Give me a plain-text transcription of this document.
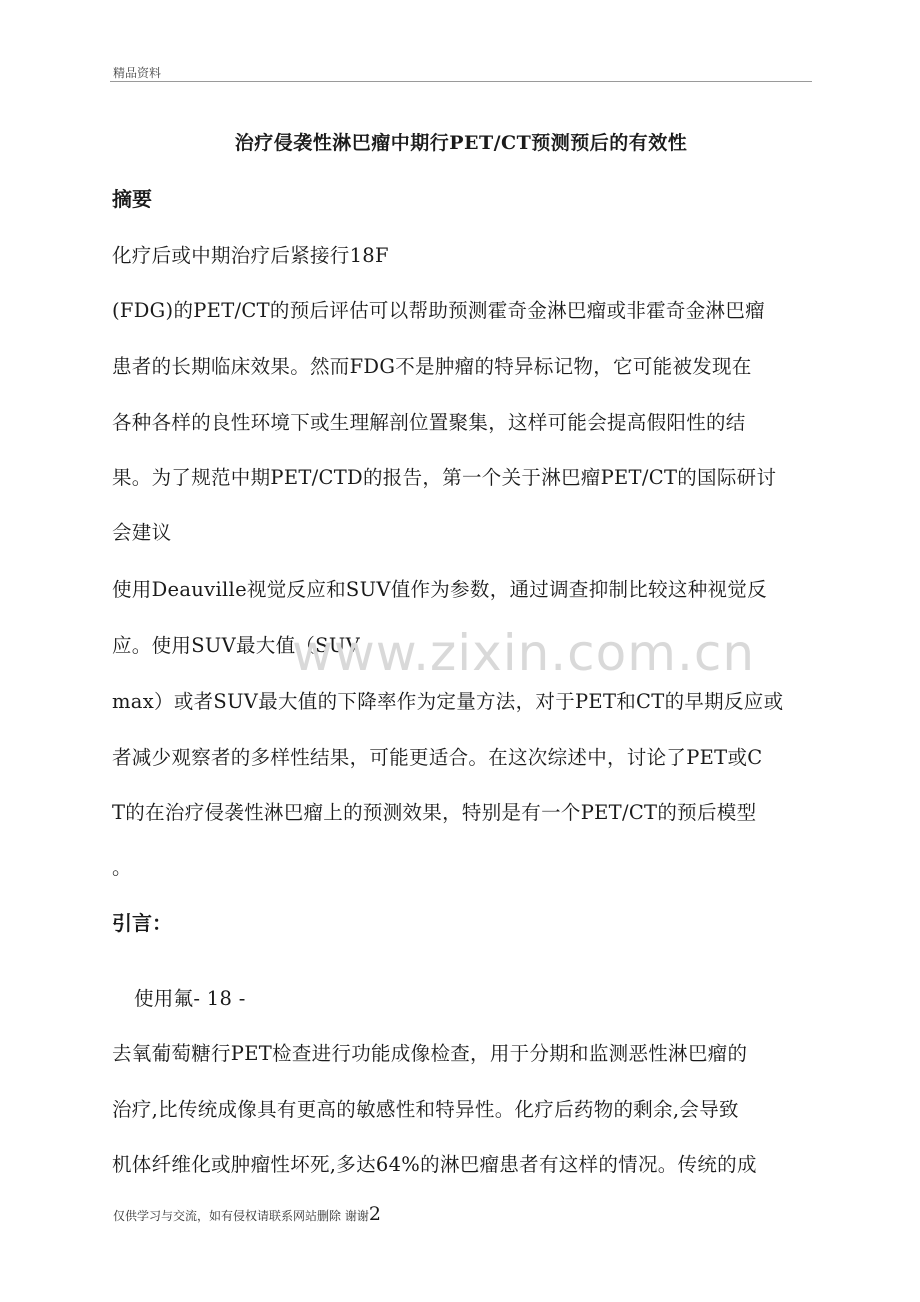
精品资料
治疗侵袭性淋巴瘤中期行PET/CT预测预后的有效性
摘要
化疗后或中期治疗后紧接行18F
(FDG)的PET/CT的预后评估可以帮助预测霍奇金淋巴瘤或非霍奇金淋巴瘤
患者的长期临床效果。然而FDG不是肿瘤的特异标记物，它可能被发现在
各种各样的良性环境下或生理解剖位置聚集，这样可能会提高假阳性的结
果。为了规范中期PET/CTD的报告，第一个关于淋巴瘤PET/CT的国际研讨
会建议
使用Deauville视觉反应和SUV值作为参数，通过调查抑制比较这种视觉反
应。使用SUV最大值（SUV
max）或者SUV最大值的下降率作为定量方法，对于PET和CT的早期反应或
者减少观察者的多样性结果，可能更适合。在这次综述中，讨论了PET或C
T的在治疗侵袭性淋巴瘤上的预测效果，特别是有一个PET/CT的预后模型
。
引言：
使用氟- 18 -
去氧葡萄糖行PET检查进行功能成像检查，用于分期和监测恶性淋巴瘤的
治疗,比传统成像具有更高的敏感性和特异性。化疗后药物的剩余,会导致
机体纤维化或肿瘤性坏死,多达64%的淋巴瘤患者有这样的情况。传统的成
www.zixin.com.cn
仅供学习与交流，如有侵权请联系网站删除 谢谢2
